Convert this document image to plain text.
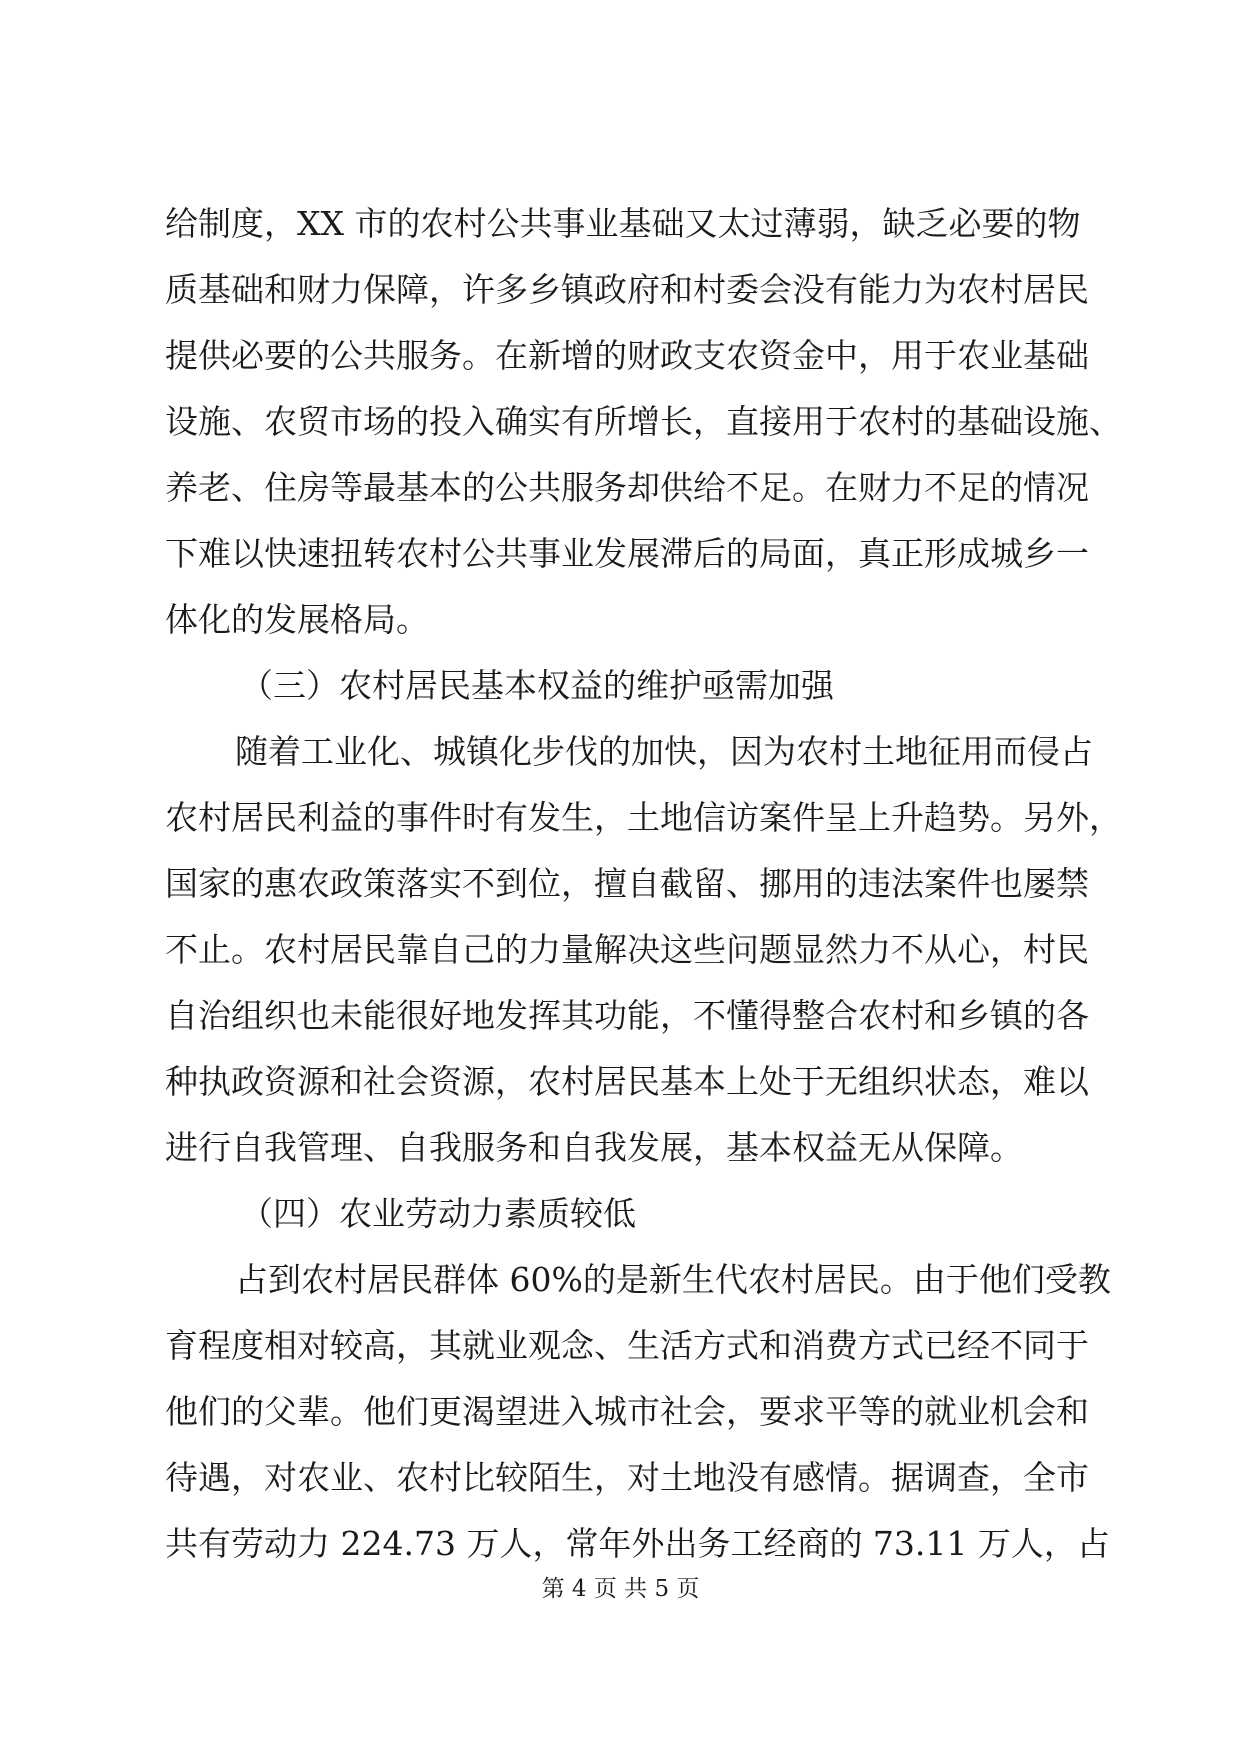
给制度，XX 市的农村公共事业基础又太过薄弱，缺乏必要的物
质基础和财力保障，许多乡镇政府和村委会没有能力为农村居民
提供必要的公共服务。在新增的财政支农资金中，用于农业基础
设施、农贸市场的投入确实有所增长，直接用于农村的基础设施、
养老、住房等最基本的公共服务却供给不足。在财力不足的情况
下难以快速扭转农村公共事业发展滞后的局面，真正形成城乡一
体化的发展格局。
（三）农村居民基本权益的维护亟需加强
随着工业化、城镇化步伐的加快，因为农村土地征用而侵占
农村居民利益的事件时有发生，土地信访案件呈上升趋势。另外，
国家的惠农政策落实不到位，擅自截留、挪用的违法案件也屡禁
不止。农村居民靠自己的力量解决这些问题显然力不从心，村民
自治组织也未能很好地发挥其功能，不懂得整合农村和乡镇的各
种执政资源和社会资源，农村居民基本上处于无组织状态，难以
进行自我管理、自我服务和自我发展，基本权益无从保障。
（四）农业劳动力素质较低
占到农村居民群体 60%的是新生代农村居民。由于他们受教
育程度相对较高，其就业观念、生活方式和消费方式已经不同于
他们的父辈。他们更渴望进入城市社会，要求平等的就业机会和
待遇，对农业、农村比较陌生，对土地没有感情。据调查，全市
共有劳动力 224.73 万人，常年外出务工经商的 73.11 万人，占
第 4 页 共 5 页
